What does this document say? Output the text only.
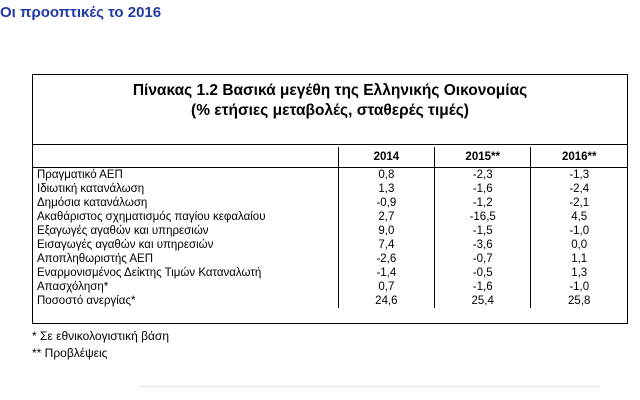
Οι προοπτικές το 2016
Πίνακας 1.2 Βασικά μεγέθη της Ελληνικής Οικονομίας
(% ετήσιες μεταβολές, σταθερές τιμές)
	2014	2015**	2016**
Πραγματικό ΑΕΠ	0,8	-2,3	-1,3
Ιδιωτική κατανάλωση	1,3	-1,6	-2,4
Δημόσια κατανάλωση	-0,9	-1,2	-2,1
Ακαθάριστος σχηματισμός παγίου κεφαλαίου	2,7	-16,5	4,5
Εξαγωγές αγαθών και υπηρεσιών	9,0	-1,5	-1,0
Εισαγωγές αγαθών και υπηρεσιών	7,4	-3,6	0,0
Αποπληθωριστής ΑΕΠ	-2,6	-0,7	1,1
Εναρμονισμένος Δείκτης Τιμών Καταναλωτή	-1,4	-0,5	1,3
Απασχόληση*	0,7	-1,6	-1,0
Ποσοστό ανεργίας*	24,6	25,4	25,8
* Σε εθνικολογιστική βάση
** Προβλέψεις
